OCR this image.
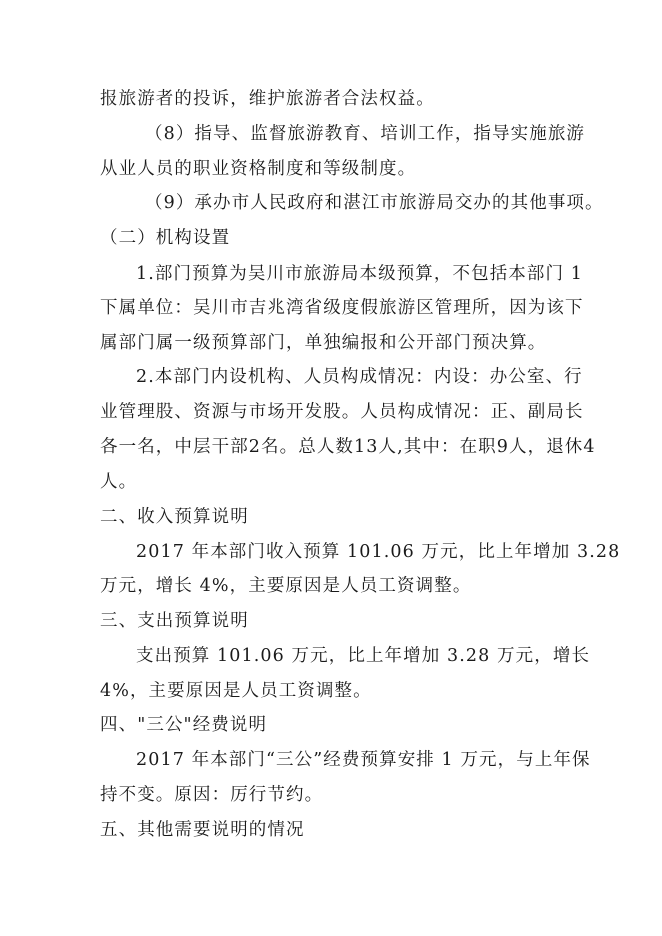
报旅游者的投诉，维护旅游者合法权益。
（8）指导、监督旅游教育、培训工作，指导实施旅游
从业人员的职业资格制度和等级制度。
（9）承办市人民政府和湛江市旅游局交办的其他事项。
（二）机构设置
1.部门预算为吴川市旅游局本级预算，不包括本部门 1
下属单位：吴川市吉兆湾省级度假旅游区管理所，因为该下
属部门属一级预算部门，单独编报和公开部门预决算。
2.本部门内设机构、人员构成情况：内设：办公室、行
业管理股、资源与市场开发股。人员构成情况：正、副局长
各一名，中层干部2名。总人数13人,其中：在职9人，退休4
人。
二、收入预算说明
2017 年本部门收入预算 101.06 万元，比上年增加 3.28
万元，增长 4%，主要原因是人员工资调整。
三、支出预算说明
支出预算 101.06 万元，比上年增加 3.28 万元，增长
4%，主要原因是人员工资调整。
四、"三公"经费说明
2017 年本部门“三公”经费预算安排 1 万元，与上年保
持不变。原因：厉行节约。
五、其他需要说明的情况
